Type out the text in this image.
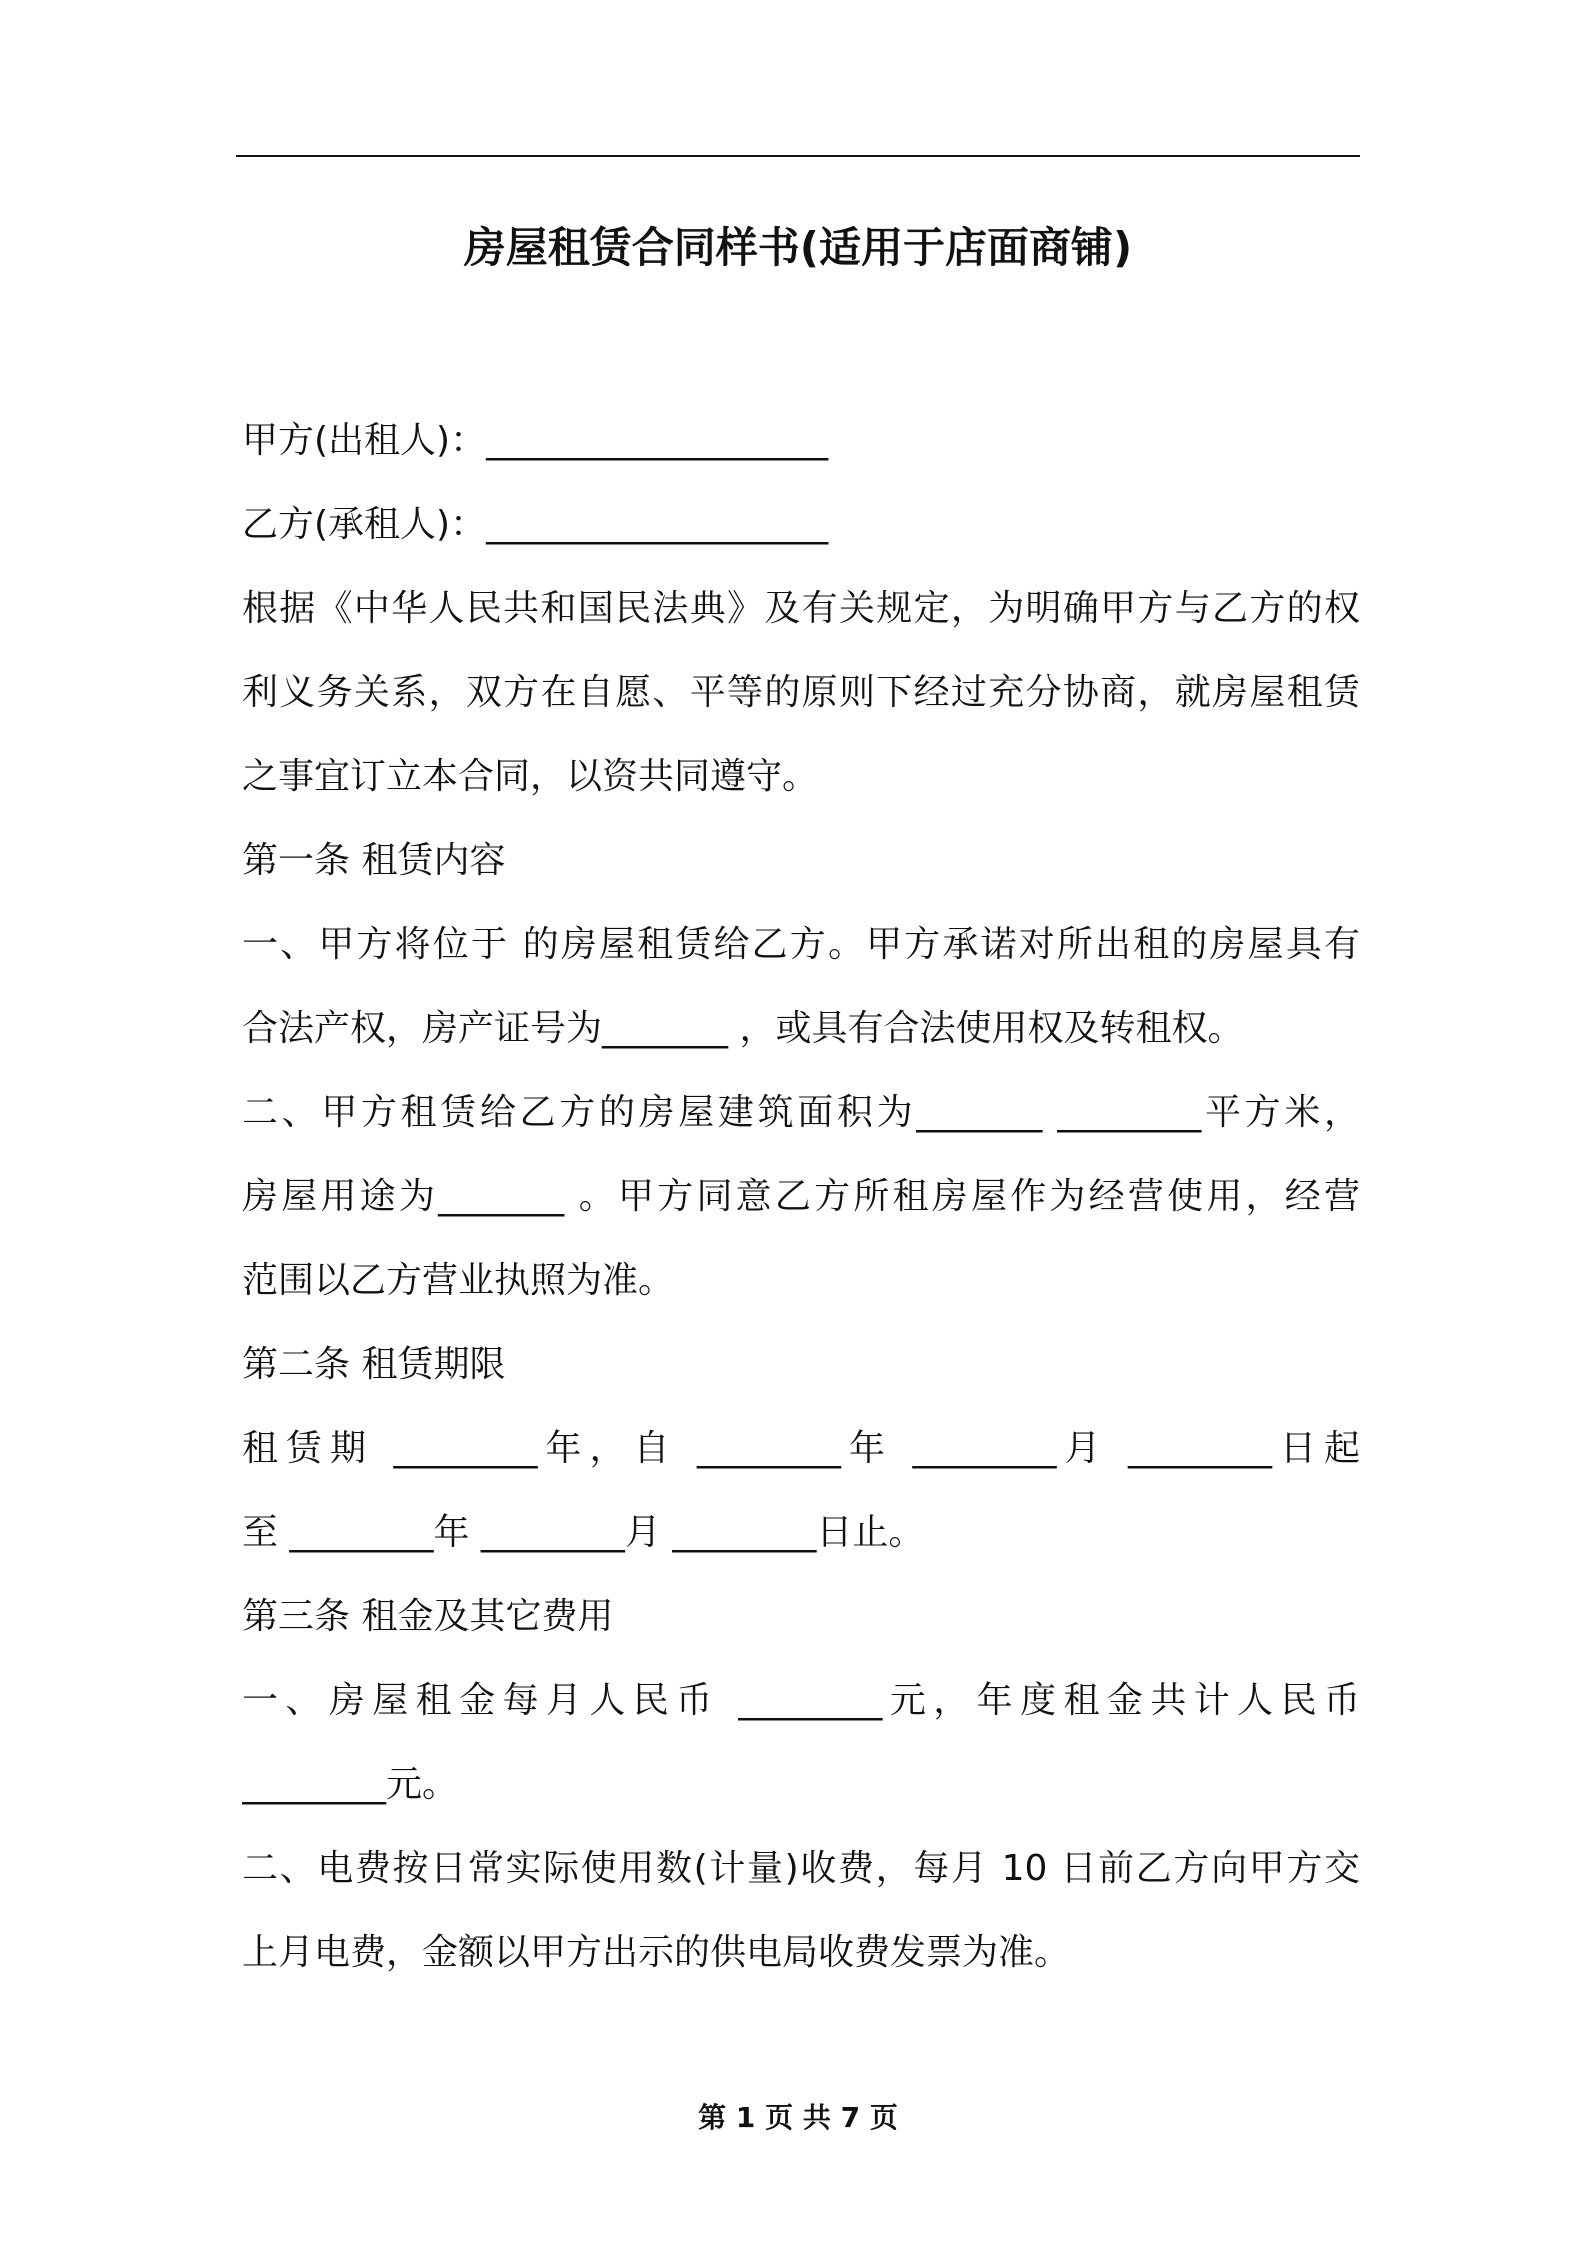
房屋租赁合同样书(适用于店面商铺)
甲方(出租人)：___________________
乙方(承租人)：___________________
根据《中华人民共和国民法典》及有关规定，为明确甲方与乙方的权
利义务关系，双方在自愿、平等的原则下经过充分协商，就房屋租赁
之事宜订立本合同，以资共同遵守。
第一条 租赁内容
一、甲方将位于 的房屋租赁给乙方。甲方承诺对所出租的房屋具有
合法产权，房产证号为_______ ，或具有合法使用权及转租权。
二、甲方租赁给乙方的房屋建筑面积为_______ ________平方米，
房屋用途为_______ 。甲方同意乙方所租房屋作为经营使用，经营
范围以乙方营业执照为准。
第二条 租赁期限
租赁期 ________年，自 ________年 ________月 ________日起
至 ________年 ________月 ________日止。
第三条 租金及其它费用
一、房屋租金每月人民币 ________元，年度租金共计人民币
________元。
二、电费按日常实际使用数(计量)收费，每月 10 日前乙方向甲方交
上月电费，金额以甲方出示的供电局收费发票为准。
第 1 页 共 7 页
